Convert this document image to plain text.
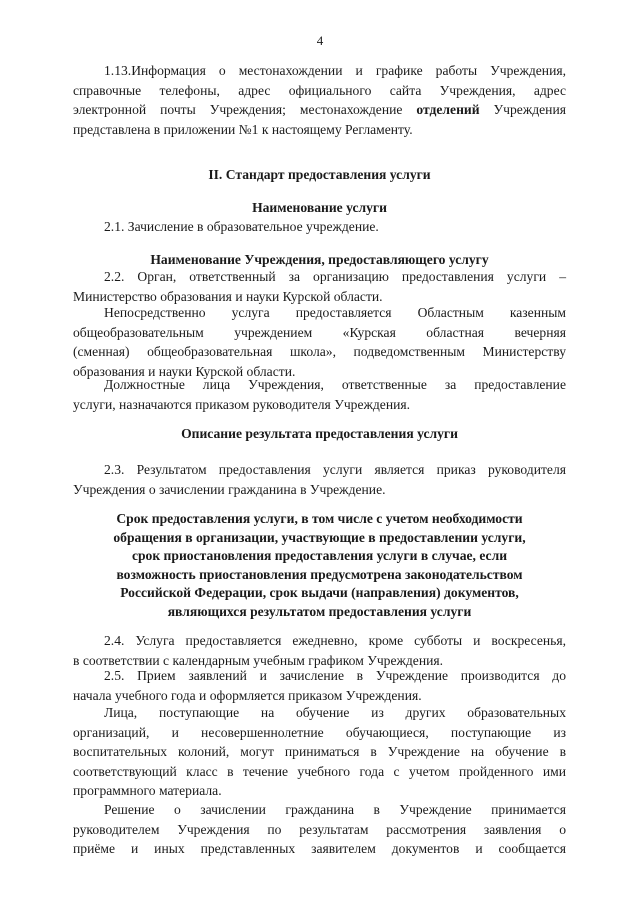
4
1.13.Информация о местонахождении и графике работы Учреждения,
справочные телефоны, адрес официального сайта Учреждения, адрес
электронной почты Учреждения; местонахождение отделений Учреждения
представлена в приложении №1 к настоящему Регламенту.
II. Стандарт предоставления услуги
Наименование услуги
2.1. Зачисление в образовательное учреждение.
Наименование Учреждения, предоставляющего услугу
2.2. Орган, ответственный за организацию предоставления услуги –
Министерство образования и науки Курской области.
Непосредственно услуга предоставляется Областным казенным
общеобразовательным учреждением «Курская областная вечерняя
(сменная) общеобразовательная школа», подведомственным Министерству
образования и науки Курской области.
Должностные лица Учреждения, ответственные за предоставление
услуги, назначаются приказом руководителя Учреждения.
Описание результата предоставления услуги
2.3. Результатом предоставления услуги является приказ руководителя
Учреждения о зачислении гражданина в Учреждение.
Срок предоставления услуги, в том числе с учетом необходимости
обращения в организации, участвующие в предоставлении услуги,
срок приостановления предоставления услуги в случае, если
возможность приостановления предусмотрена законодательством
Российской Федерации, срок выдачи (направления) документов,
являющихся результатом предоставления услуги
2.4. Услуга предоставляется ежедневно, кроме субботы и воскресенья,
в соответствии с календарным учебным графиком Учреждения.
2.5. Прием заявлений и зачисление в Учреждение производится до
начала учебного года и оформляется приказом Учреждения.
Лица, поступающие на обучение из других образовательных
организаций, и несовершеннолетние обучающиеся, поступающие из
воспитательных колоний, могут приниматься в Учреждение на обучение в
соответствующий класс в течение учебного года с учетом пройденного ими
программного материала.
Решение о зачислении гражданина в Учреждение принимается
руководителем Учреждения по результатам рассмотрения заявления о
приёме и иных представленных заявителем документов и сообщается
